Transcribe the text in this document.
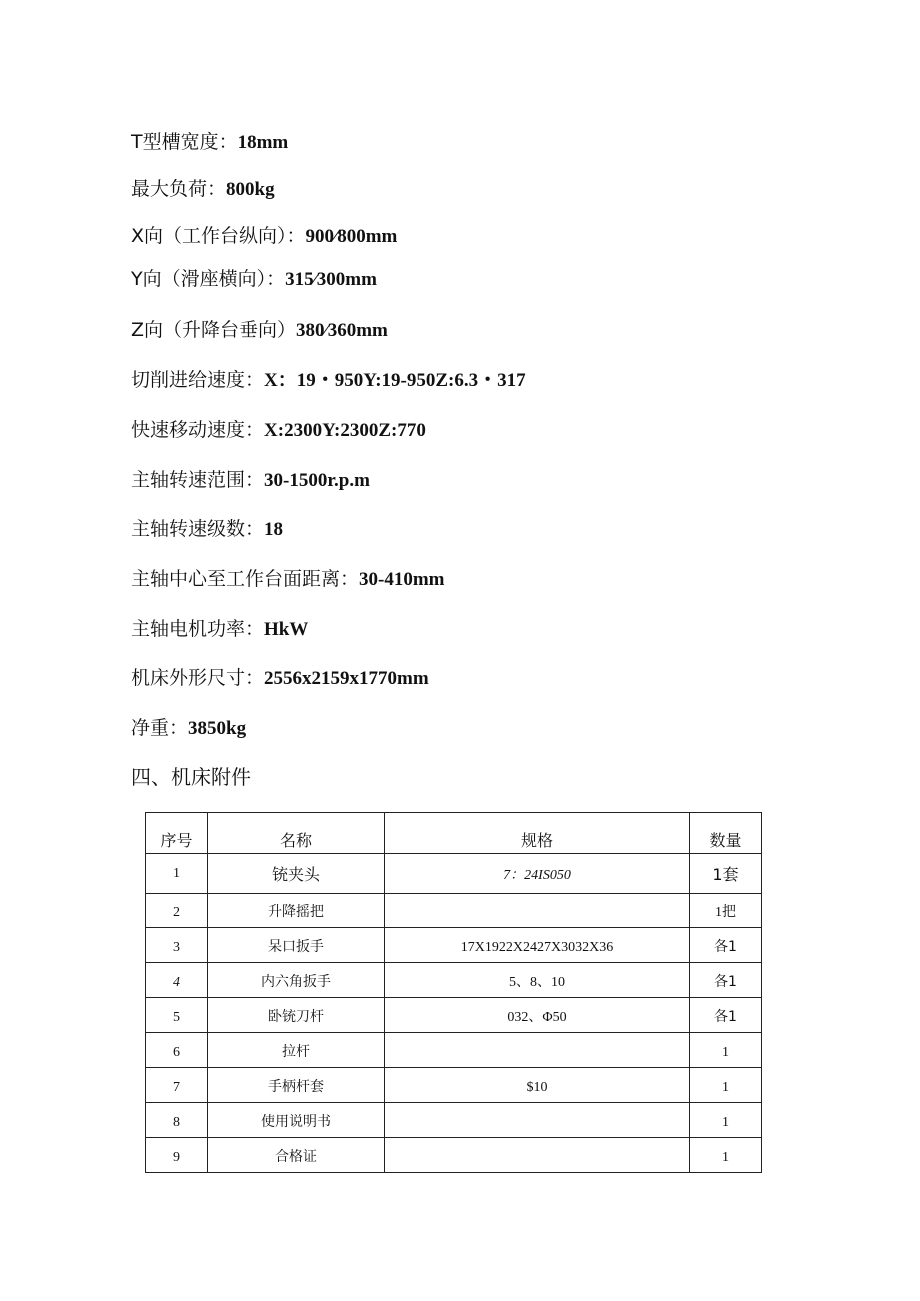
T型槽宽度：18mm
最大负荷：800kg
X向（工作台纵向）：900⁄800mm
Y向（滑座横向）：315⁄300mm
Z向（升降台垂向）380⁄360mm
切削进给速度：X：19・950Y:19-950Z:6.3・317
快速移动速度：X:2300Y:2300Z:770
主轴转速范围：30-1500r.p.m
主轴转速级数：18
主轴中心至工作台面距离：30-410mm
主轴电机功率：HkW
机床外形尺寸：2556x2159x1770mm
净重：3850kg
四、机床附件
序号	名称	规格	数量
1	铳夹头	7：24IS050	1套
2	升降摇把		1把
3	呆口扳手	17X1922X2427X3032X36	各1
4	内六角扳手	5、8、10	各1
5	卧铳刀杆	032、Φ50	各1
6	拉杆		1
7	手柄杆套	$10	1
8	使用说明书		1
9	合格证		1
